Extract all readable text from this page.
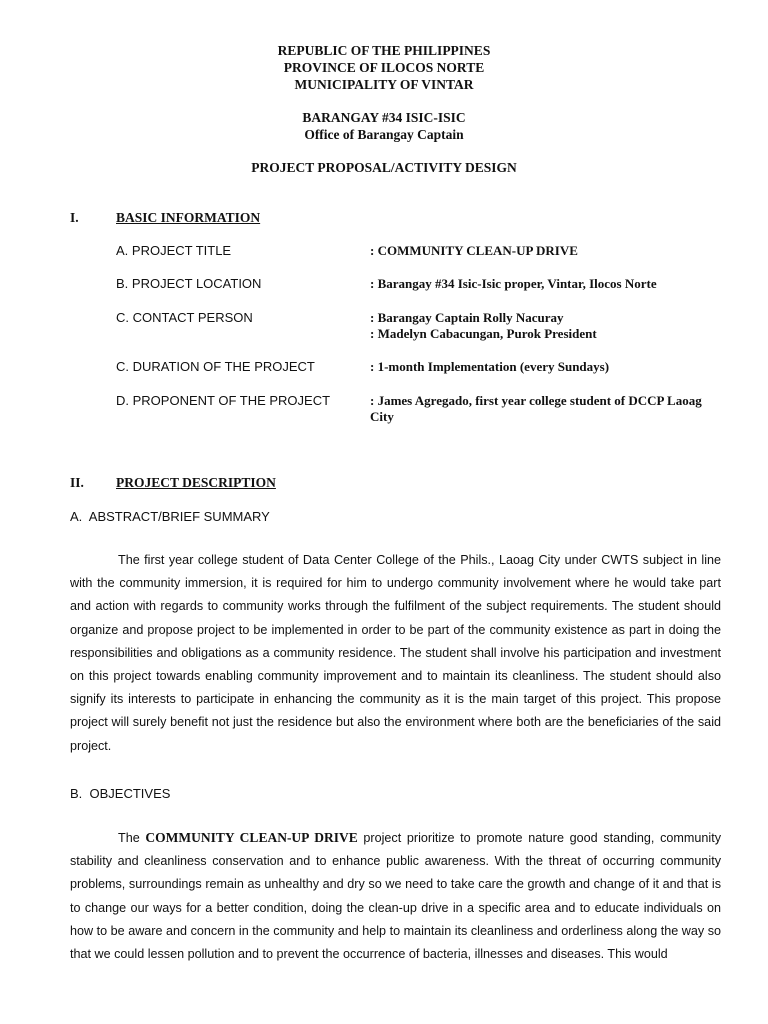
REPUBLIC OF THE PHILIPPINES
PROVINCE OF ILOCOS NORTE
MUNICIPALITY OF VINTAR
BARANGAY #34 ISIC-ISIC
Office of Barangay Captain
PROJECT PROPOSAL/ACTIVITY DESIGN
I.	BASIC INFORMATION
A. PROJECT TITLE	: COMMUNITY CLEAN-UP DRIVE
B. PROJECT LOCATION	: Barangay #34 Isic-Isic proper, Vintar, Ilocos Norte
C. CONTACT PERSON	: Barangay Captain Rolly Nacuray
: Madelyn Cabacungan, Purok President
C. DURATION OF THE PROJECT	: 1-month Implementation (every Sundays)
D. PROPONENT OF THE PROJECT	: James Agregado, first year college student of DCCP Laoag City
II. PROJECT DESCRIPTION
A.  ABSTRACT/BRIEF SUMMARY

The first year college student of Data Center College of the Phils., Laoag City under CWTS subject in line with the community immersion, it is required for him to undergo community involvement where he would take part and action with regards to community works through the fulfilment of the subject requirements. The student should organize and propose project to be implemented in order to be part of the community existence as part in doing the responsibilities and obligations as a community residence. The student shall involve his participation and investment on this project towards enabling community improvement and to maintain its cleanliness. The student should also signify its interests to participate in enhancing the community as it is the main target of this project. This propose project will surely benefit not just the residence but also the environment where both are the beneficiaries of the said project.

B.  OBJECTIVES

The COMMUNITY CLEAN-UP DRIVE project prioritize to promote nature good standing, community stability and cleanliness conservation and to enhance public awareness. With the threat of occurring community problems, surroundings remain as unhealthy and dry so we need to take care the growth and change of it and that is to change our ways for a better condition, doing the clean-up drive in a specific area and to educate individuals on how to be aware and concern in the community and help to maintain its cleanliness and orderliness along the way so that we could lessen pollution and to prevent the occurrence of bacteria, illnesses and diseases. This would
